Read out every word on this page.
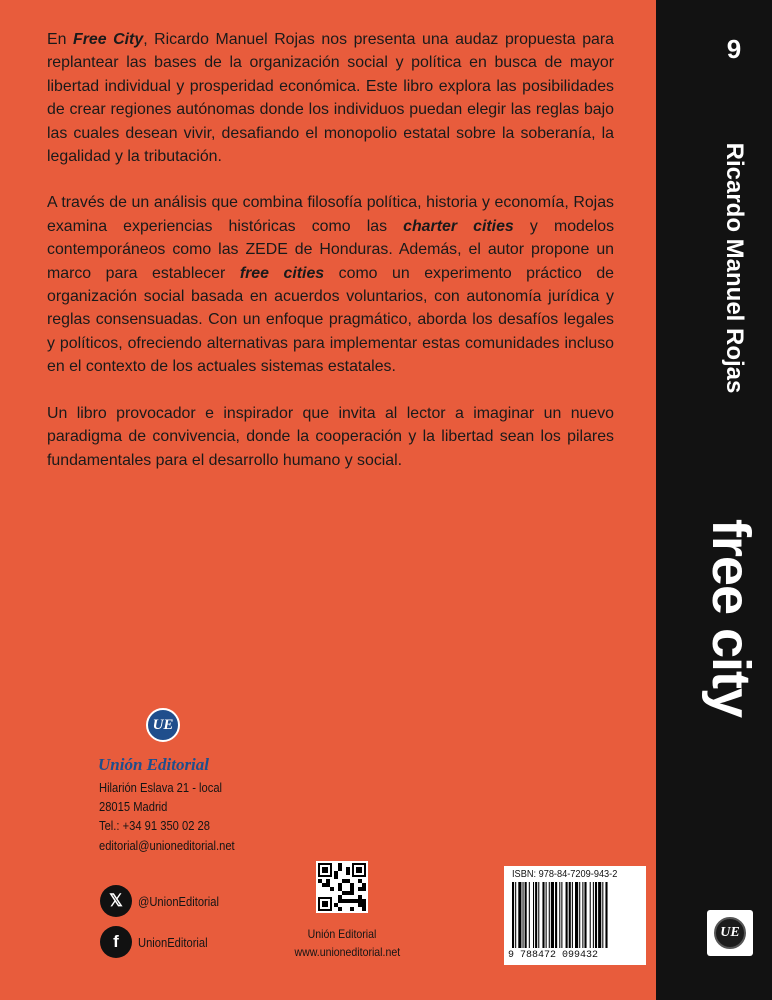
En Free City, Ricardo Manuel Rojas nos presenta una audaz propuesta para replantear las bases de la organización social y política en busca de mayor libertad individual y prosperidad económica. Este libro explora las posibilidades de crear regiones autónomas donde los individuos puedan elegir las reglas bajo las cuales desean vivir, desafiando el monopolio estatal sobre la soberanía, la legalidad y la tributación.

A través de un análisis que combina filosofía política, historia y economía, Rojas examina experiencias históricas como las charter cities y modelos contemporáneos como las ZEDE de Honduras. Además, el autor propone un marco para establecer free cities como un experimento práctico de organización social basada en acuerdos voluntarios, con autonomía jurídica y reglas consensuadas. Con un enfoque pragmático, aborda los desafíos legales y políticos, ofreciendo alternativas para implementar estas comunidades incluso en el contexto de los actuales sistemas estatales.

Un libro provocador e inspirador que invita al lector a imaginar un nuevo paradigma de convivencia, donde la cooperación y la libertad sean los pilares fundamentales para el desarrollo humano y social.

UE
Unión Editorial
Hilarión Eslava 21 - local
28015 Madrid
Tel.: +34 91 350 02 28
editorial@unioneditorial.net
𝕏	@UnionEditorial
f	UnionEditorial
Unión Editorial
www.unioneditorial.net
ISBN: 978-84-7209-943-2
9 788472 099432
9
Ricardo Manuel Rojas
free city
UE
